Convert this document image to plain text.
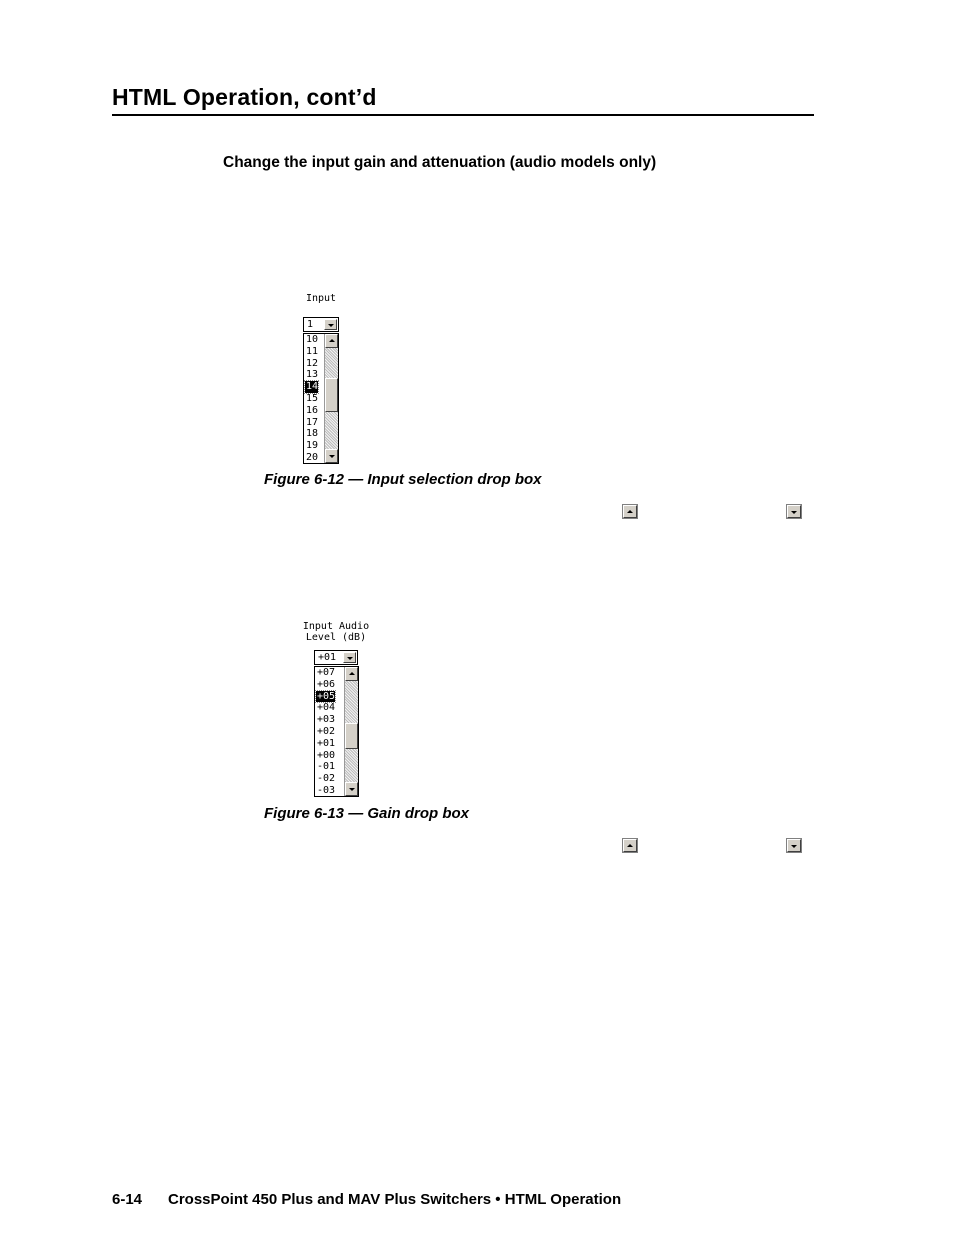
HTML Operation, cont’d
Change the input gain and attenuation (audio models only)
Input
1
10
11
12
13
14
15
16
17
18
19
20
Figure 6-12 — Input selection drop box
Input Audio
Level (dB)
+01
+07
+06
+05
+04
+03
+02
+01
+00
-01
-02
-03
Figure 6-13 — Gain drop box
6-14 CrossPoint 450 Plus and MAV Plus Switchers • HTML Operation
